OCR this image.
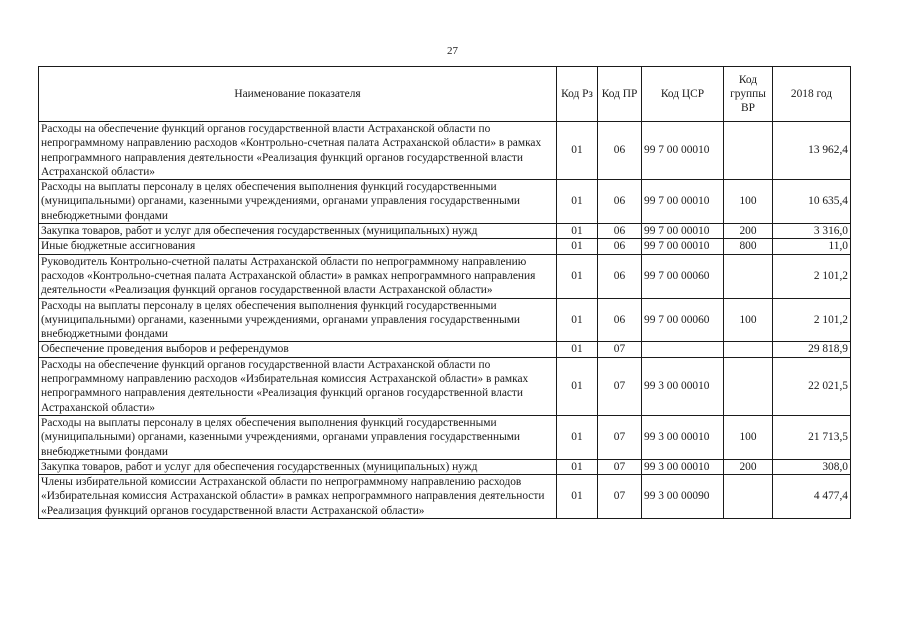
27
Наименование показателя	Код Рз	Код ПР	Код ЦСР	Код группы ВР	2018 год
Расходы на обеспечение функций органов государственной власти Астраханской области по непрограммному направлению расходов «Контрольно-счетная палата Астраханской области» в рамках непрограммного направления деятельности «Реализация функций органов государственной власти Астраханской области»	01	06	99 7 00 00010		13 962,4
Расходы на выплаты персоналу в целях обеспечения выполнения функций государственными (муниципальными) органами, казенными учреждениями, органами управления государственными внебюджетными фондами	01	06	99 7 00 00010	100	10 635,4
Закупка товаров, работ и услуг для обеспечения государственных (муниципальных) нужд	01	06	99 7 00 00010	200	3 316,0
Иные бюджетные ассигнования	01	06	99 7 00 00010	800	11,0
Руководитель Контрольно-счетной палаты Астраханской области по непрограммному направлению расходов «Контрольно-счетная палата Астраханской области» в рамках непрограммного направления деятельности «Реализация функций органов государственной власти Астраханской области»	01	06	99 7 00 00060		2 101,2
Расходы на выплаты персоналу в целях обеспечения выполнения функций государственными (муниципальными) органами, казенными учреждениями, органами управления государственными внебюджетными фондами	01	06	99 7 00 00060	100	2 101,2
Обеспечение проведения выборов и референдумов	01	07			29 818,9
Расходы на обеспечение функций органов государственной власти Астраханской области по непрограммному направлению расходов «Избирательная комиссия Астраханской области» в рамках непрограммного направления деятельности «Реализация функций органов государственной власти Астраханской области»	01	07	99 3 00 00010		22 021,5
Расходы на выплаты персоналу в целях обеспечения выполнения функций государственными (муниципальными) органами, казенными учреждениями, органами управления государственными внебюджетными фондами	01	07	99 3 00 00010	100	21 713,5
Закупка товаров, работ и услуг для обеспечения государственных (муниципальных) нужд	01	07	99 3 00 00010	200	308,0
Члены избирательной комиссии Астраханской области по непрограммному направлению расходов «Избирательная комиссия Астраханской области» в рамках непрограммного направления деятельности «Реализация функций органов государственной власти Астраханской области»	01	07	99 3 00 00090		4 477,4
